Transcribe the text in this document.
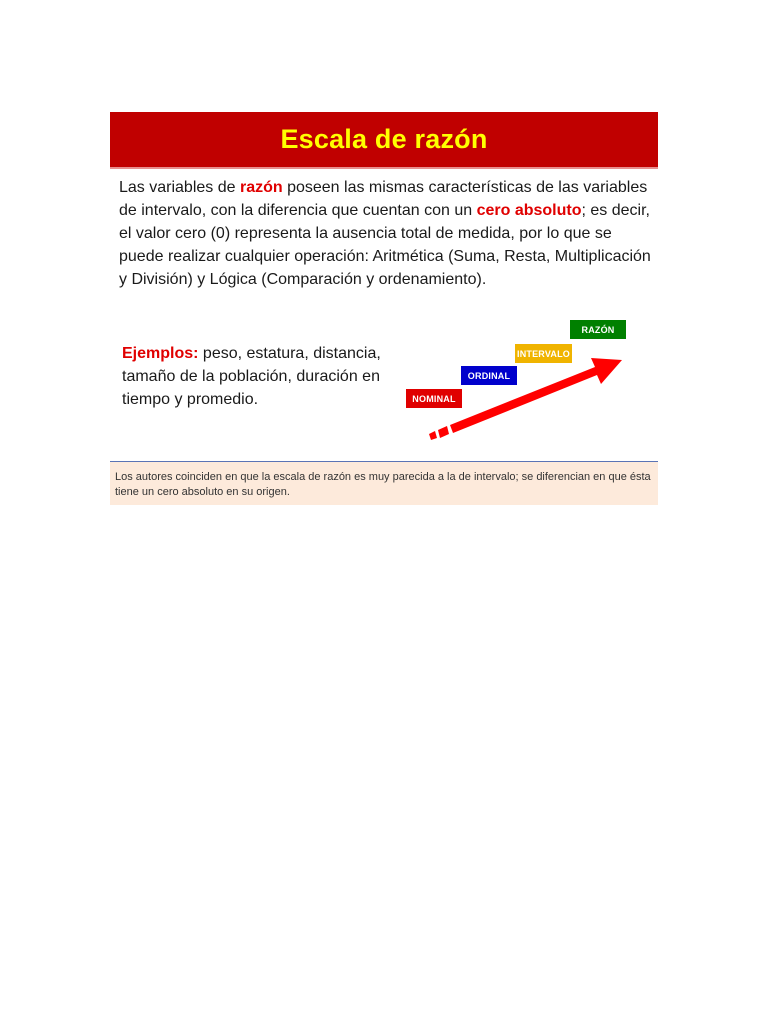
Escala de razón
Las variables de razón poseen las mismas características de las variables de intervalo, con la diferencia que cuentan con un cero absoluto; es decir, el valor cero (0) representa la ausencia total de medida, por lo que se puede realizar cualquier operación: Aritmética (Suma, Resta, Multiplicación y División) y Lógica (Comparación y ordenamiento).
Ejemplos: peso, estatura, distancia, tamaño de la población, duración en tiempo y promedio.	NOMINAL
ORDINAL
INTERVALO
RAZÓN
Los autores coinciden en que la escala de razón es muy parecida a la de intervalo; se diferencian en que ésta tiene un cero absoluto en su origen.
